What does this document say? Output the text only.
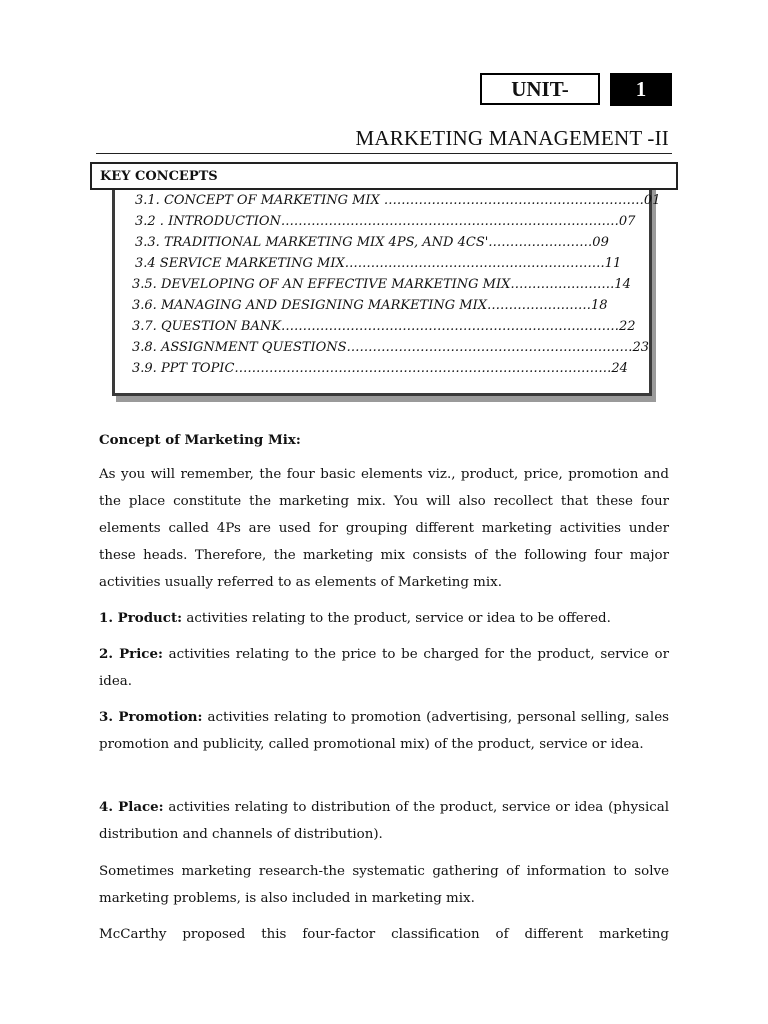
UNIT-	1
MARKETING MANAGEMENT -II
KEY CONCEPTS
3.1. CONCEPT OF MARKETING MIX ……………………………………………………01
3.2 . INTRODUCTION……………………………………………………………………07
3.3. TRADITIONAL MARKETING MIX 4PS, AND 4CS'……………………09
3.4 SERVICE MARKETING MIX……………………………………………………11
3.5. DEVELOPING OF AN EFFECTIVE MARKETING MIX……………………14
3.6. MANAGING AND DESIGNING MARKETING MIX……………………18
3.7. QUESTION BANK……………………………………………………………………22
3.8. ASSIGNMENT QUESTIONS…………………………………………………………23
3.9. PPT TOPIC……………………………………………………………………………24
Concept of Marketing Mix:

As you will remember, the four basic elements viz., product, price, promotion and the place constitute the marketing mix. You will also recollect that these four elements called 4Ps are used for grouping different marketing activities under these heads. Therefore, the marketing mix consists of the following four major activities usually referred to as elements of Marketing mix.

1. Product: activities relating to the product, service or idea to be offered.

2. Price: activities relating to the price to be charged for the product, service or idea.

3. Promotion: activities relating to promotion (advertising, personal selling, sales promotion and publicity, called promotional mix) of the product, service or idea.

4. Place: activities relating to distribution of the product, service or idea (physical distribution and channels of distribution).

Sometimes marketing research-the systematic gathering of information to solve marketing problems, is also included in marketing mix.

McCarthy proposed this four-factor classification of different marketing
